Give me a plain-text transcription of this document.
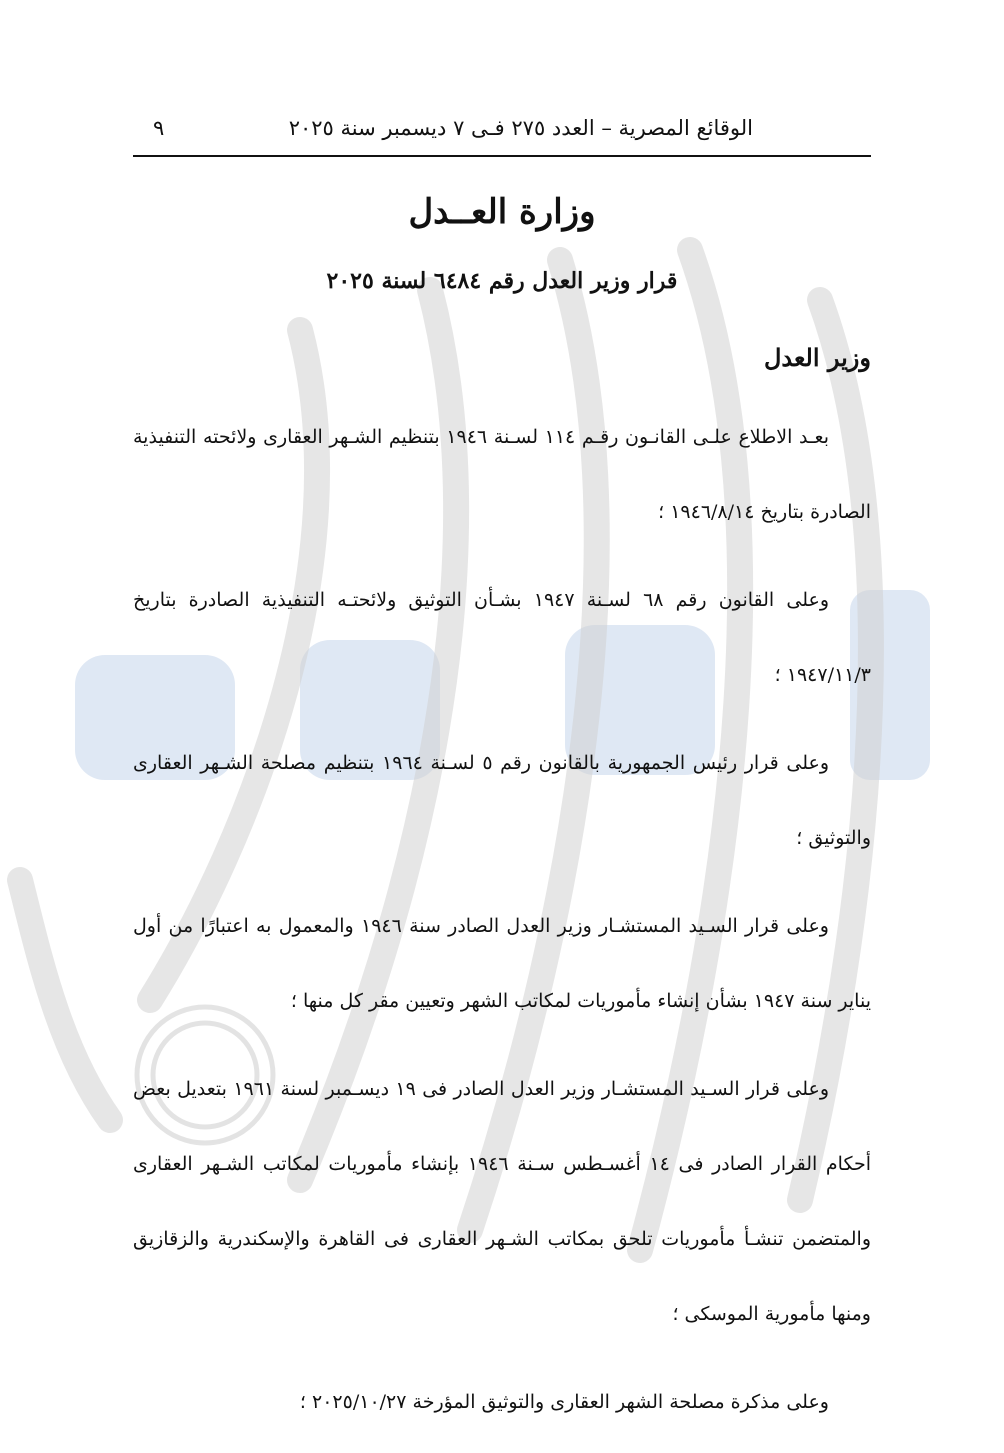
الوقائع المصرية – العدد ٢٧٥ فـى ٧ ديسمبر سنة ٢٠٢٥
٩
وزارة العــدل
قرار وزير العدل رقم ٦٤٨٤ لسنة ٢٠٢٥
وزير العدل

بعـد الاطلاع علـى القانـون رقـم ١١٤ لسـنة ١٩٤٦ بتنظيم الشـهر العقارى ولائحته التنفيذية الصادرة بتاريخ ١٩٤٦/٨/١٤ ؛

وعلى القانون رقم ٦٨ لسـنة ١٩٤٧ بشـأن التوثيق ولائحتـه التنفيذية الصادرة بتاريخ ١٩٤٧/١١/٣ ؛

وعلى قرار رئيس الجمهورية بالقانون رقم ٥ لسـنة ١٩٦٤ بتنظيم مصلحة الشـهر العقارى والتوثيق ؛

وعلى قرار السـيد المستشـار وزير العدل الصادر سنة ١٩٤٦ والمعمول به اعتبارًا من أول يناير سنة ١٩٤٧ بشأن إنشاء مأموريات لمكاتب الشهر وتعيين مقر كل منها ؛

وعلى قرار السـيد المستشـار وزير العدل الصادر فى ١٩ ديسـمبر لسنة ١٩٦١ بتعديل بعض أحكام القرار الصادر فى ١٤ أغسـطس سـنة ١٩٤٦ بإنشاء مأموريات لمكاتب الشـهر العقارى والمتضمن تنشـأ مأموريات تلحق بمكاتب الشـهر العقارى فى القاهرة والإسكندرية والزقازيق ومنها مأمورية الموسكى ؛

وعلى مذكرة مصلحة الشهر العقارى والتوثيق المؤرخة ٢٠٢٥/١٠/٢٧ ؛
